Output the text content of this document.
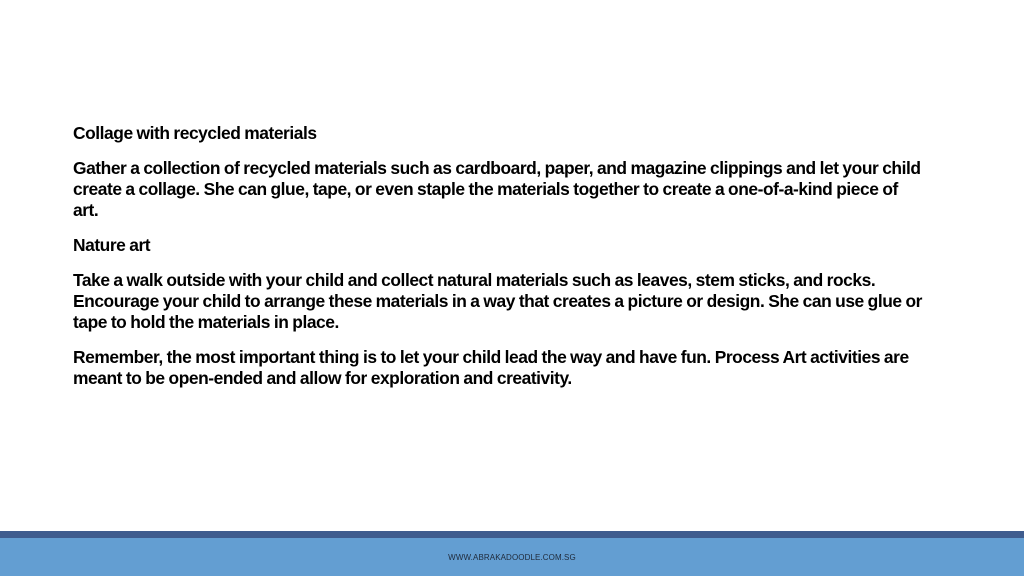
Collage with recycled materials

Gather a collection of recycled materials such as cardboard, paper, and magazine clippings and let your child create a collage. She can glue, tape, or even staple the materials together to create a one-of-a-kind piece of art.

Nature art

Take a walk outside with your child and collect natural materials such as leaves, stem sticks, and rocks. Encourage your child to arrange these materials in a way that creates a picture or design. She can use glue or tape to hold the materials in place.

Remember, the most important thing is to let your child lead the way and have fun. Process Art activities are meant to be open-ended and allow for exploration and creativity.

WWW.ABRAKADOODLE.COM.SG
